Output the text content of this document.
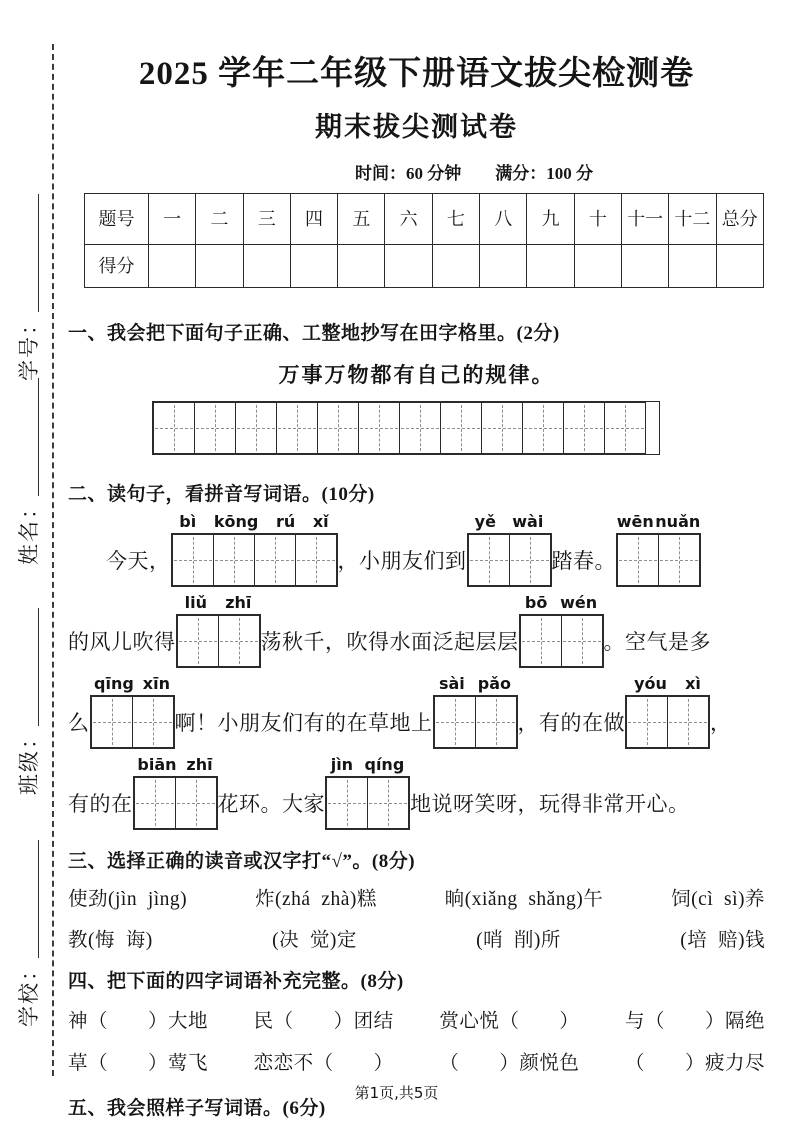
学号：
姓名：
班级：
学校：
2025 学年二年级下册语文拔尖检测卷
期末拔尖测试卷
时间：60 分钟　　满分：100 分
题号	一	二	三	四	五	六	七	八	九	十	十一	十二	总分
得分													
一、我会把下面句子正确、工整地抄写在田字格里。(2分)
万事万物都有自己的规律。
二、读句子，看拼音写词语。(10分)
今天，
bì kōng rú xǐ
，小朋友们到
yě wài
踏春。
wēn nuǎn
的风儿吹得
liǔ zhī
荡秋千，吹得水面泛起层层
bō wén
。空气是多
么
qīng xīn
啊！小朋友们有的在草地上
sài pǎo
，有的在做
yóu xì
，
有的在
biān zhī
花环。大家
jìn qíng
地说呀笑呀，玩得非常开心。
三、选择正确的读音或汉字打“√”。(8分)
使劲(jìn  jìng)	炸(zhá  zhà)糕	晌(xiǎng  shǎng)午	饲(cì  sì)养
教(悔  诲)	(决  觉)定	(哨  削)所	(培  赔)钱
四、把下面的四字词语补充完整。(8分)
神（　　）大地 民（　　）团结 赏心悦（　　） 与（　　）隔绝
草（　　）莺飞 恋恋不（　　） （　　）颜悦色 （　　）疲力尽
五、我会照样子写词语。(6分)
第1页,共5页
